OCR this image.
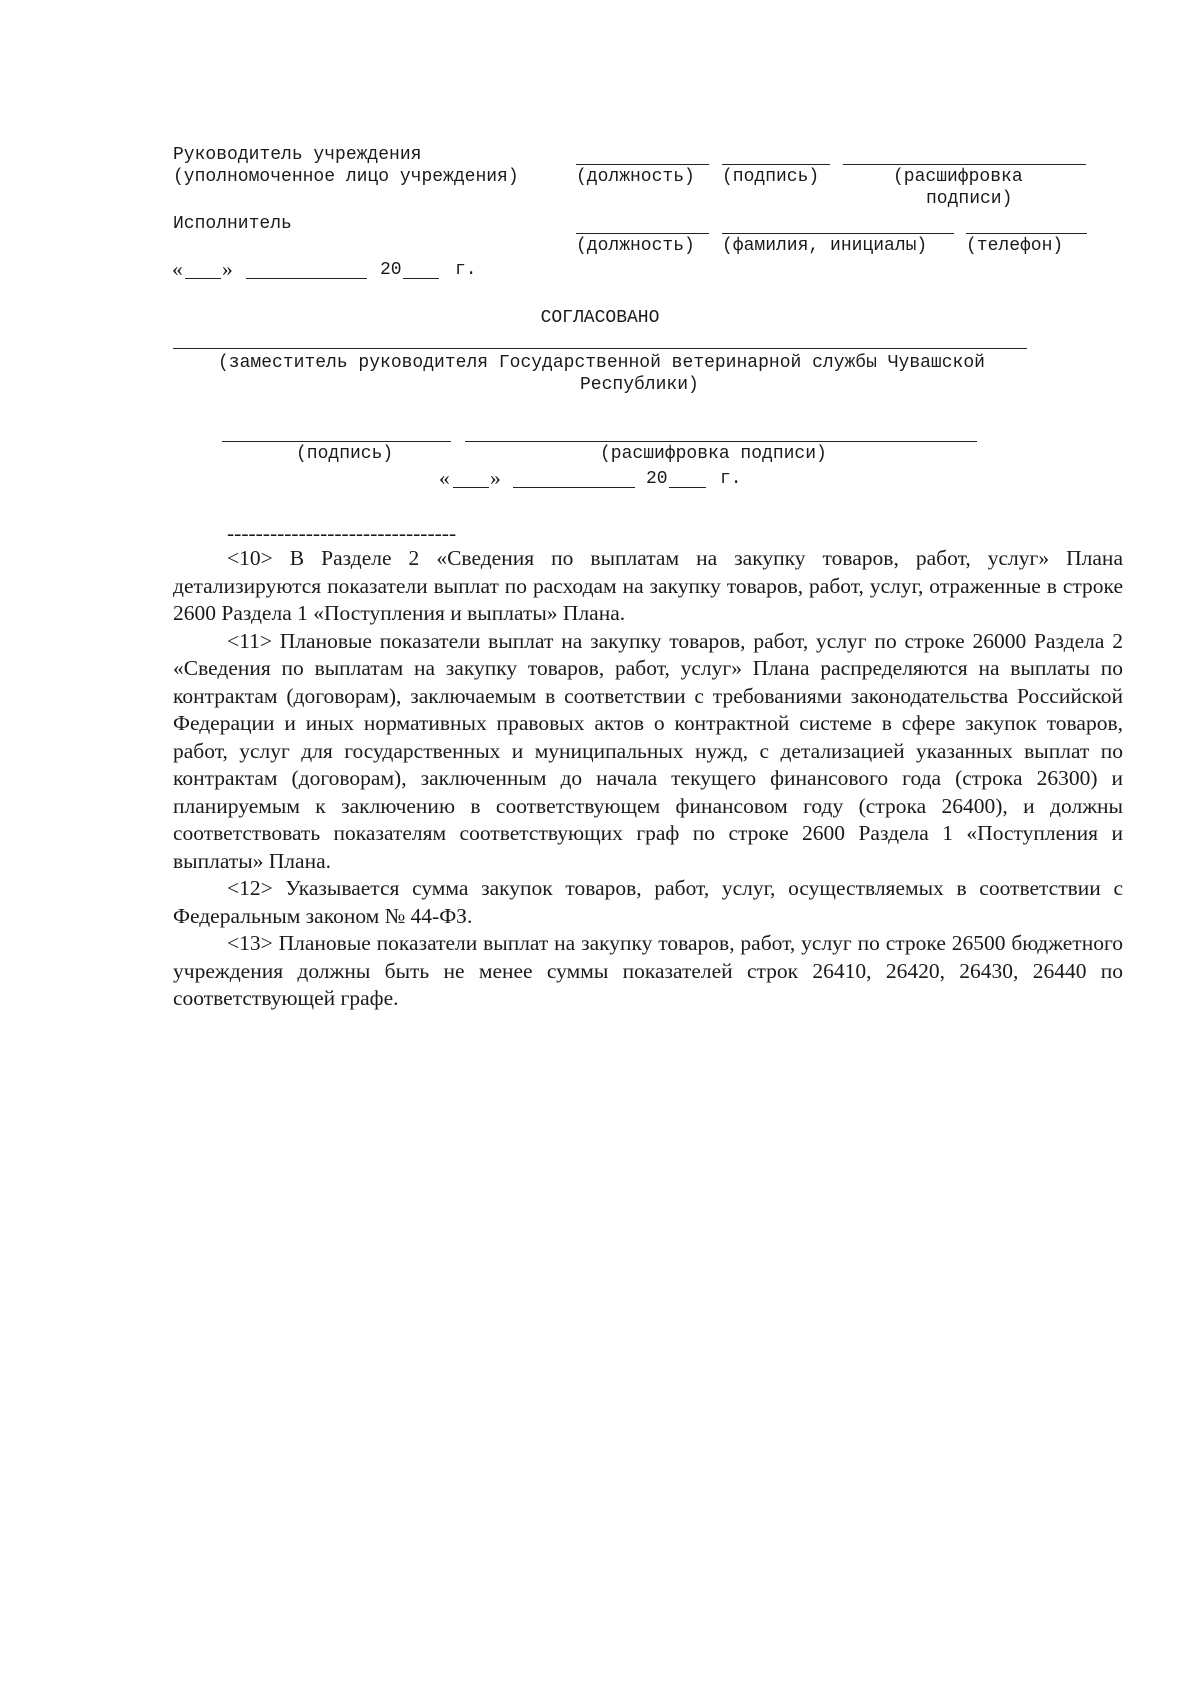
Руководитель учреждения
(уполномоченное лицо учреждения)	(должность) (подпись)	(расшифровка
подписи)
Исполнитель
(должность) (фамилия, инициалы) (телефон)
« »	20	г.
СОГЛАСОВАНО
(заместитель руководителя Государственной ветеринарной службы Чувашской
Республики)
(подпись)	(расшифровка подписи)
« »	20	г.
--------------------------------

<10> В Разделе 2 «Сведения по выплатам на закупку товаров, работ, услуг» Плана детализируются показатели выплат по расходам на закупку товаров, работ, услуг, отраженные в строке 2600 Раздела 1 «Поступления и выплаты» Плана.

<11> Плановые показатели выплат на закупку товаров, работ, услуг по строке 26000 Раздела 2 «Сведения по выплатам на закупку товаров, работ, услуг» Плана распределяются на выплаты по контрактам (договорам), заключаемым в соответствии с требованиями законодательства Российской Федерации и иных нормативных правовых актов о контрактной системе в сфере закупок товаров, работ, услуг для государственных и муниципальных нужд, с детализацией указанных выплат по контрактам (договорам), заключенным до начала текущего финансового года (строка 26300) и планируемым к заключению в соответствующем финансовом году (строка 26400), и должны соответствовать показателям соответствующих граф по строке 2600 Раздела 1 «Поступления и выплаты» Плана.

<12> Указывается сумма закупок товаров, работ, услуг, осуществляемых в соответствии с Федеральным законом № 44-ФЗ.

<13> Плановые показатели выплат на закупку товаров, работ, услуг по строке 26500 бюджетного учреждения должны быть не менее суммы показателей строк 26410, 26420, 26430, 26440 по соответствующей графе.
